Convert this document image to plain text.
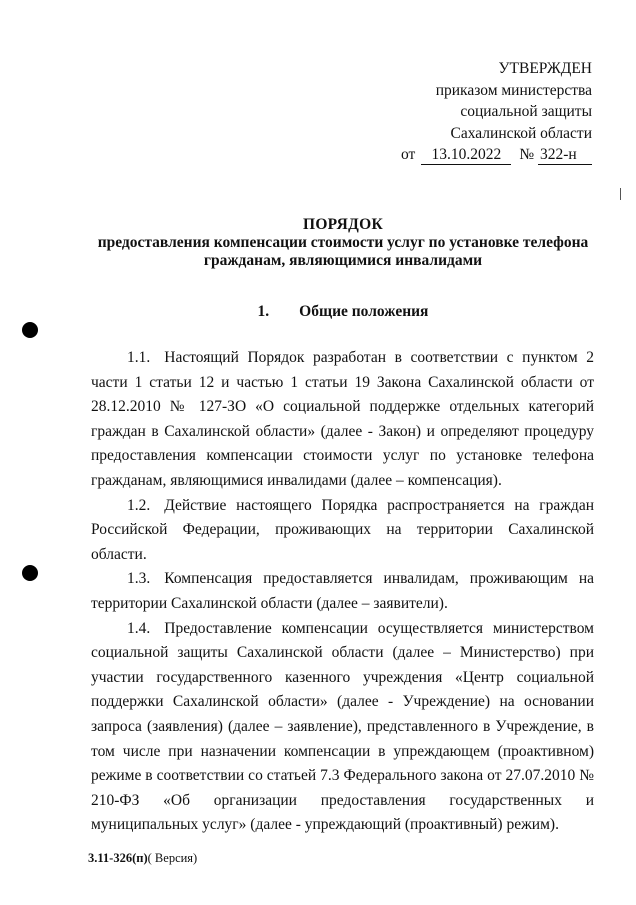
УТВЕРЖДЕН
приказом министерства
социальной защиты
Сахалинской области
от 13.10.2022 № 322-н
ПОРЯДОК
предоставления компенсации стоимости услуг по установке телефона
гражданам, являющимися инвалидами
1. Общие положения

1.1. Настоящий Порядок разработан в соответствии с пунктом 2 части 1 статьи 12 и частью 1 статьи 19 Закона Сахалинской области от 28.12.2010 № 127-ЗО «О социальной поддержке отдельных категорий граждан в Сахалинской области» (далее - Закон) и определяют процедуру предоставления компенсации стоимости услуг по установке телефона гражданам, являющимися инвалидами (далее – компенсация).

1.2. Действие настоящего Порядка распространяется на граждан Российской Федерации, проживающих на территории Сахалинской области.

1.3. Компенсация предоставляется инвалидам, проживающим на территории Сахалинской области (далее – заявители).

1.4. Предоставление компенсации осуществляется министерством социальной защиты Сахалинской области (далее – Министерство) при участии государственного казенного учреждения «Центр социальной поддержки Сахалинской области» (далее - Учреждение) на основании запроса (заявления) (далее – заявление), представленного в Учреждение, в том числе при назначении компенсации в упреждающем (проактивном) режиме в соответствии со статьей 7.3 Федерального закона от 27.07.2010 № 210-ФЗ «Об организации предоставления государственных и муниципальных услуг» (далее - упреждающий (проактивный) режим).

3.11-326(п)( Версия)
